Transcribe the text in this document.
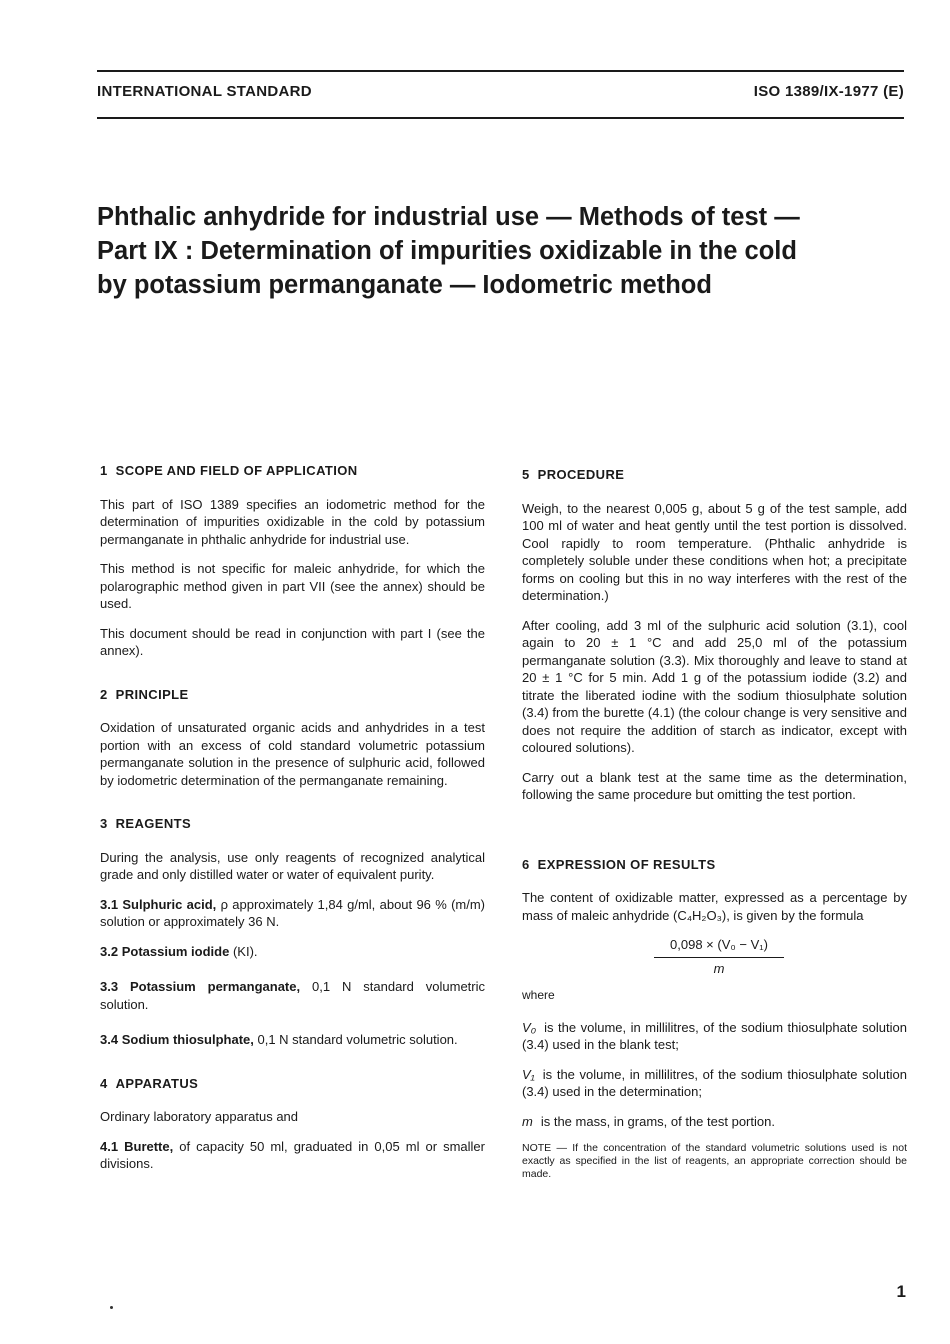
INTERNATIONAL STANDARD	ISO 1389/IX-1977 (E)
Phthalic anhydride for industrial use — Methods of test —
Part IX : Determination of impurities oxidizable in the cold
by potassium permanganate — Iodometric method
1 SCOPE AND FIELD OF APPLICATION

This part of ISO 1389 specifies an iodometric method for the determination of impurities oxidizable in the cold by potassium permanganate in phthalic anhydride for industrial use.

This method is not specific for maleic anhydride, for which the polarographic method given in part VII (see the annex) should be used.

This document should be read in conjunction with part I (see the annex).

2 PRINCIPLE

Oxidation of unsaturated organic acids and anhydrides in a test portion with an excess of cold standard volumetric potassium permanganate solution in the presence of sulphuric acid, followed by iodometric determination of the permanganate remaining.

3 REAGENTS

During the analysis, use only reagents of recognized analytical grade and only distilled water or water of equivalent purity.

3.1 Sulphuric acid, ρ approximately 1,84 g/ml, about 96 % (m/m) solution or approximately 36 N.

3.2 Potassium iodide (KI).

3.3 Potassium permanganate, 0,1 N standard volumetric solution.

3.4 Sodium thiosulphate, 0,1 N standard volumetric solution.

4 APPARATUS

Ordinary laboratory apparatus and

4.1 Burette, of capacity 50 ml, graduated in 0,05 ml or smaller divisions.

5 PROCEDURE

Weigh, to the nearest 0,005 g, about 5 g of the test sample, add 100 ml of water and heat gently until the test portion is dissolved. Cool rapidly to room temperature. (Phthalic anhydride is completely soluble under these conditions when hot; a precipitate forms on cooling but this in no way interferes with the rest of the determination.)

After cooling, add 3 ml of the sulphuric acid solution (3.1), cool again to 20 ± 1 °C and add 25,0 ml of the potassium permanganate solution (3.3). Mix thoroughly and leave to stand at 20 ± 1 °C for 5 min. Add 1 g of the potassium iodide (3.2) and titrate the liberated iodine with the sodium thiosulphate solution (3.4) from the burette (4.1) (the colour change is very sensitive and does not require the addition of starch as indicator, except with coloured solutions).

Carry out a blank test at the same time as the determination, following the same procedure but omitting the test portion.

6 EXPRESSION OF RESULTS

The content of oxidizable matter, expressed as a percentage by mass of maleic anhydride (C₄H₂O₃), is given by the formula

0,098 × (V₀ − V₁)
m
where

V₀ is the volume, in millilitres, of the sodium thiosulphate solution (3.4) used in the blank test;

V₁ is the volume, in millilitres, of the sodium thiosulphate solution (3.4) used in the determination;

m is the mass, in grams, of the test portion.

NOTE — If the concentration of the standard volumetric solutions used is not exactly as specified in the list of reagents, an appropriate correction should be made.
1
